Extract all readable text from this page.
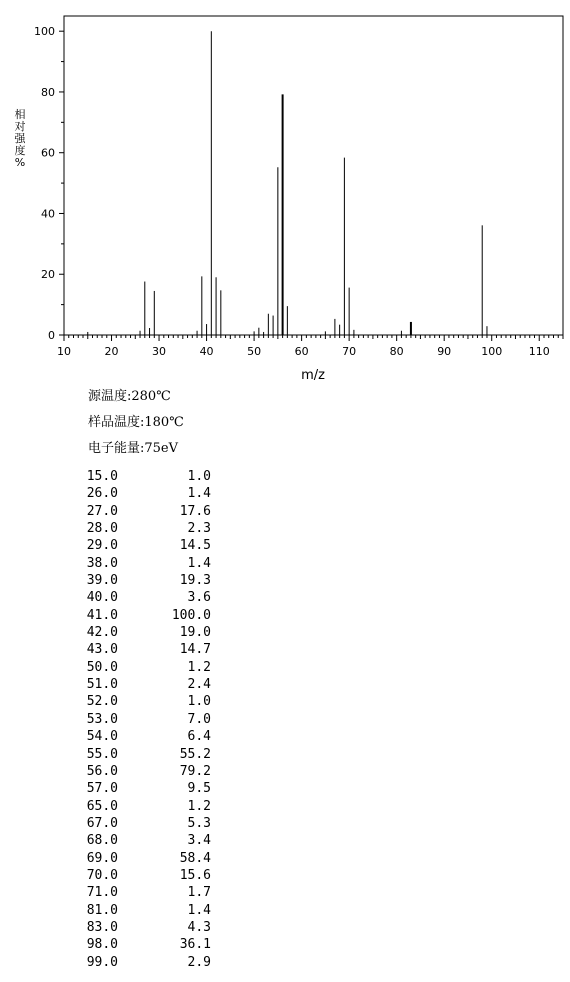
0
20
40
60
80
100
10	20	30	40	50	60	70	80	90	100 110
相对强度%
m/z
源温度:280℃
样品温度:180℃
电子能量:75eV
15.0	1.0
26.0	1.4
27.0	17.6
28.0	2.3
29.0	14.5
38.0	1.4
39.0	19.3
40.0	3.6
41.0	100.0
42.0	19.0
43.0	14.7
50.0	1.2
51.0	2.4
52.0	1.0
53.0	7.0
54.0	6.4
55.0	55.2
56.0	79.2
57.0	9.5
65.0	1.2
67.0	5.3
68.0	3.4
69.0	58.4
70.0	15.6
71.0	1.7
81.0	1.4
83.0	4.3
98.0	36.1
99.0	2.9
